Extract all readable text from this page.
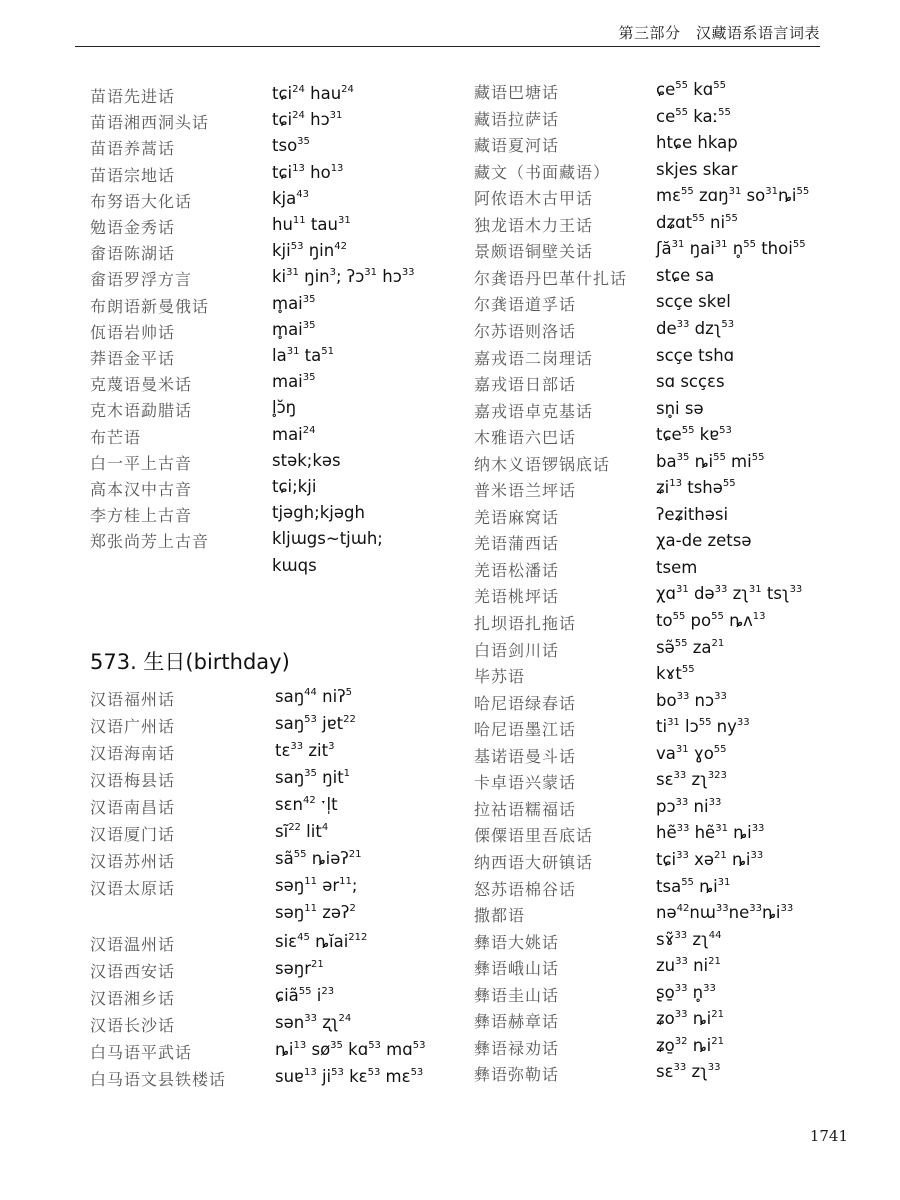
第三部分　汉藏语系语言词表
苗语先进话	tɕi$^{24}$ hau$^{24}$
苗语湘西洞头话	tɕi$^{24}$ hɔ$^{31}$
苗语养蒿话	tso$^{35}$
苗语宗地话	tɕi$^{13}$ $ho^{13}$
布努语大化话	kja$^{43}$
勉语金秀话	$hu^{11}$ tau$^{31}$
畲语陈湖话	kji$^{53}$ ŋin$^{42}$
畲语罗浮方言	$ki^{31}$ ŋin$^3$; ʔɔ$^{31}$ hɔ$^{33}$
布朗语新曼俄话	$m̥ai^{35}$
佤语岩帅话	$m̥ai^{35}$
莽语金平话	$la^{31}$ $ta^{51}$
克蔑语曼米话	mai$^{35}$
克木语勐腊话	l̥ɔ̆ŋ
布芒语	mai$^{24}$
白一平上古音	stək;kəs
高本汉中古音	tɕi;kji
李方桂上古音	tjəgh;kjəgh
郑张尚芳上古音	kljɯgs~tjɯh;
kɯqs
573. 生日(birthday)
汉语福州话	saŋ$^{44}$ niʔ$^5$
汉语广州话	saŋ$^{53}$ jɐt$^{22}$
汉语海南话	tɛ$^{33}$ zit$^3$
汉语梅县话	saŋ$^{35}$ ŋit$^1$
汉语南昌话	sɛn$^{42}$ ˑl̩t
汉语厦门话	$sĩ^{22}$ lit$^4$
汉语苏州话	$sã^{55}$ ȵiəʔ$^{21}$
汉语太原话	səŋ$^{11}$ ər$^{11}$;
səŋ$^{11}$ zəʔ$^2$
汉语温州话	siɛ$^{45}$ ȵĭai$^{212}$
汉语西安话	səŋr$^{21}$
汉语湘乡话	ɕiã$^{55}$ $i^{23}$
汉语长沙话	sən$^{33}$ ʐʅ$^{24}$
白马语平武话	$ȵi^{13}$ $sø^{35}$ kɑ$^{53}$ mɑ$^{53}$
白马语文县铁楼话	suɐ$^{13}$ $ji^{53}$ kɛ$^{53}$ mɛ$^{53}$
藏语巴塘话	ɕe$^{55}$ kɑ$^{55}$
藏语拉萨话	$ce^{55}$ kaː$^{55}$
藏语夏河话	htɕe hkap
藏文（书面藏语）	skjes skar
阿侬语木古甲话	mɛ$^{55}$ zɑŋ$^{31}$ $so^{31}ȵi^{55}$
独龙语木力王话	dʑɑt$^{55}$ $ni^{55}$
景颇语铜壁关话	ʃă$^{31}$ ŋai$^{31}$ n̥$^{55}$ thoi$^{55}$
尔龚语丹巴革什扎话 stɕe sa
尔龚语道孚话	scçe skɐl
尔苏语则洛话	$de^{33}$ dzʅ$^{53}$
嘉戎语二岗理话	scçe tshɑ
嘉戎语日部话	sɑ scçɛs
嘉戎语卓克基话	sn̥i sə
木雅语六巴话	tɕe$^{55}$ kɐ$^{53}$
纳木义语锣锅底话	$ba^{35}$ $ȵi^{55}$ $mi^{55}$
普米语兰坪话	ʑi$^{13}$ tshə$^{55}$
羌语麻窝话	ʔeʑithəsi
羌语蒲西话	χa-de zetsə
羌语松潘话	tsem
羌语桃坪话	χɑ$^{31}$ də$^{33}$ zʅ$^{31}$ tsʅ$^{33}$
扎坝语扎拖话	$to^{55}$ $po^{55}$ ȵʌ$^{13}$
白语剑川话	sə̃$^{55}$ $za^{21}$
毕苏语	kɤt$^{55}$
哈尼语绿春话	$bo^{33}$ nɔ$^{33}$
哈尼语墨江话	$ti^{31}$ lɔ$^{55}$ $ny^{33}$
基诺语曼斗话	$va^{31}$ ɣo$^{55}$
卡卓语兴蒙话	sɛ$^{33}$ zʅ$^{323}$
拉祜语糯福话	pɔ$^{33}$ $ni^{33}$
傈僳语里吾底话	hẽ$^{33}$ hẽ$^{31}$ $ȵi^{33}$
纳西语大研镇话	tɕi$^{33}$ xə$^{21}$ $ȵi^{33}$
怒苏语棉谷话	tsa$^{55}$ $ȵi^{31}$
撒都语	$nə^{42}nɯ^{33}ne^{33}ȵi^{33}$
彝语大姚话	sɤ̃$^{33}$ zʅ$^{44}$
彝语峨山话	$zu^{33}$ $ni^{21}$
彝语圭山话	ʂo̱$^{33}$ n̥$^{33}$
彝语赫章话	ʑo$^{33}$ $ȵi^{21}$
彝语禄劝话	ʑo̱$^{32}$ $ȵi^{21}$
彝语弥勒话	sɛ$^{33}$ zʅ$^{33}$
1741
